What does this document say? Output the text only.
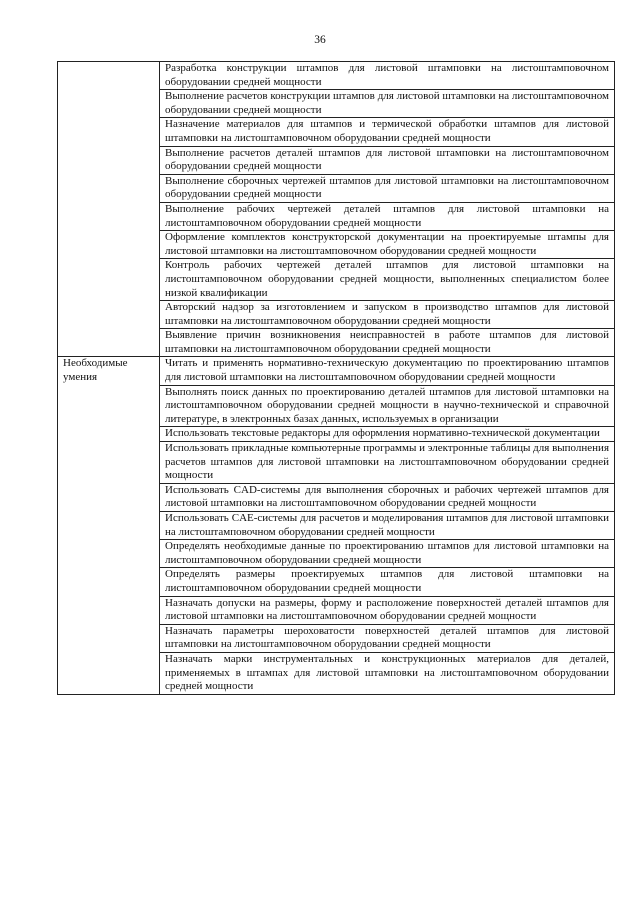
36
	Разработка конструкции штампов для листовой штамповки на листоштамповочном оборудовании средней мощности
	Выполнение расчетов конструкции штампов для листовой штамповки на листоштамповочном оборудовании средней мощности
	Назначение материалов для штампов и термической обработки штампов для листовой штамповки на листоштамповочном оборудовании средней мощности
	Выполнение расчетов деталей штампов для листовой штамповки на листоштамповочном оборудовании средней мощности
	Выполнение сборочных чертежей штампов для листовой штамповки на листоштамповочном оборудовании средней мощности
	Выполнение рабочих чертежей деталей штампов для листовой штамповки на листоштамповочном оборудовании средней мощности
	Оформление комплектов конструкторской документации на проектируемые штампы для листовой штамповки на листоштамповочном оборудовании средней мощности
	Контроль рабочих чертежей деталей штампов для листовой штамповки на листоштамповочном оборудовании средней мощности, выполненных специалистом более низкой квалификации
	Авторский надзор за изготовлением и запуском в производство штампов для листовой штамповки на листоштамповочном оборудовании средней мощности
	Выявление причин возникновения неисправностей в работе штампов для листовой штамповки на листоштамповочном оборудовании средней мощности
Необходимые умения	Читать и применять нормативно-техническую документацию по проектированию штампов для листовой штамповки на листоштамповочном оборудовании средней мощности
	Выполнять поиск данных по проектированию деталей штампов для листовой штамповки на листоштамповочном оборудовании средней мощности в научно-технической и справочной литературе, в электронных базах данных, используемых в организации
	Использовать текстовые редакторы для оформления нормативно-технической документации
	Использовать прикладные компьютерные программы и электронные таблицы для выполнения расчетов штампов для листовой штамповки на листоштамповочном оборудовании средней мощности
	Использовать CAD-системы для выполнения сборочных и рабочих чертежей штампов для листовой штамповки на листоштамповочном оборудовании средней мощности
	Использовать CAE-системы для расчетов и моделирования штампов для листовой штамповки на листоштамповочном оборудовании средней мощности
	Определять необходимые данные по проектированию штампов для листовой штамповки на листоштамповочном оборудовании средней мощности
	Определять размеры проектируемых штампов для листовой штамповки на листоштамповочном оборудовании средней мощности
	Назначать допуски на размеры, форму и расположение поверхностей деталей штампов для листовой штамповки на листоштамповочном оборудовании средней мощности
	Назначать параметры шероховатости поверхностей деталей штампов для листовой штамповки на листоштамповочном оборудовании средней мощности
	Назначать марки инструментальных и конструкционных материалов для деталей, применяемых в штампах для листовой штамповки на листоштамповочном оборудовании средней мощности
